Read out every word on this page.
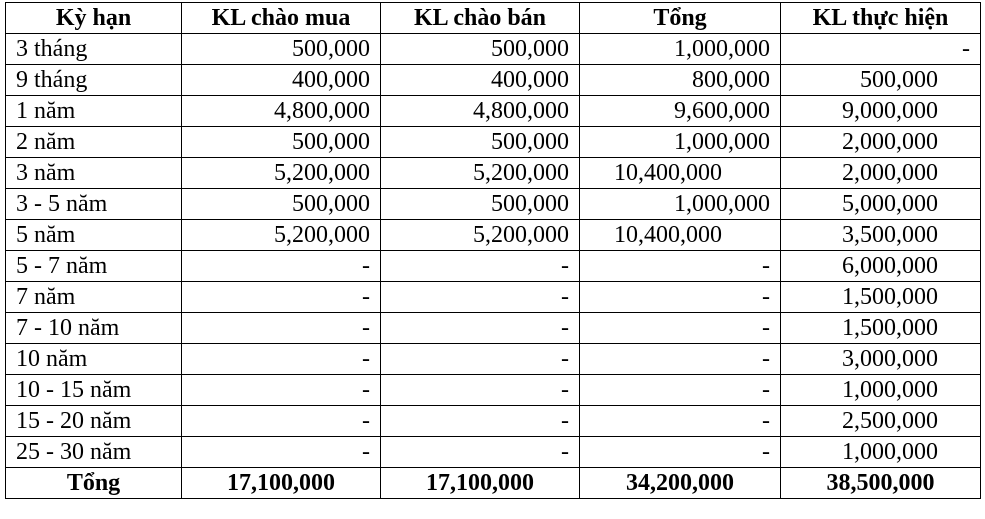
Kỳ hạn	KL chào mua	KL chào bán	Tổng	KL thực hiện
3 tháng	500,000	500,000	1,000,000	-
9 tháng	400,000	400,000	800,000	500,000
1 năm	4,800,000	4,800,000	9,600,000	9,000,000
2 năm	500,000	500,000	1,000,000	2,000,000
3 năm	5,200,000	5,200,000	10,400,000	2,000,000
3 - 5 năm	500,000	500,000	1,000,000	5,000,000
5 năm	5,200,000	5,200,000	10,400,000	3,500,000
5 - 7 năm	-	-	-	6,000,000
7 năm	-	-	-	1,500,000
7 - 10 năm	-	-	-	1,500,000
10 năm	-	-	-	3,000,000
10 - 15 năm	-	-	-	1,000,000
15 - 20 năm	-	-	-	2,500,000
25 - 30 năm	-	-	-	1,000,000
Tổng	17,100,000	17,100,000	34,200,000	38,500,000
